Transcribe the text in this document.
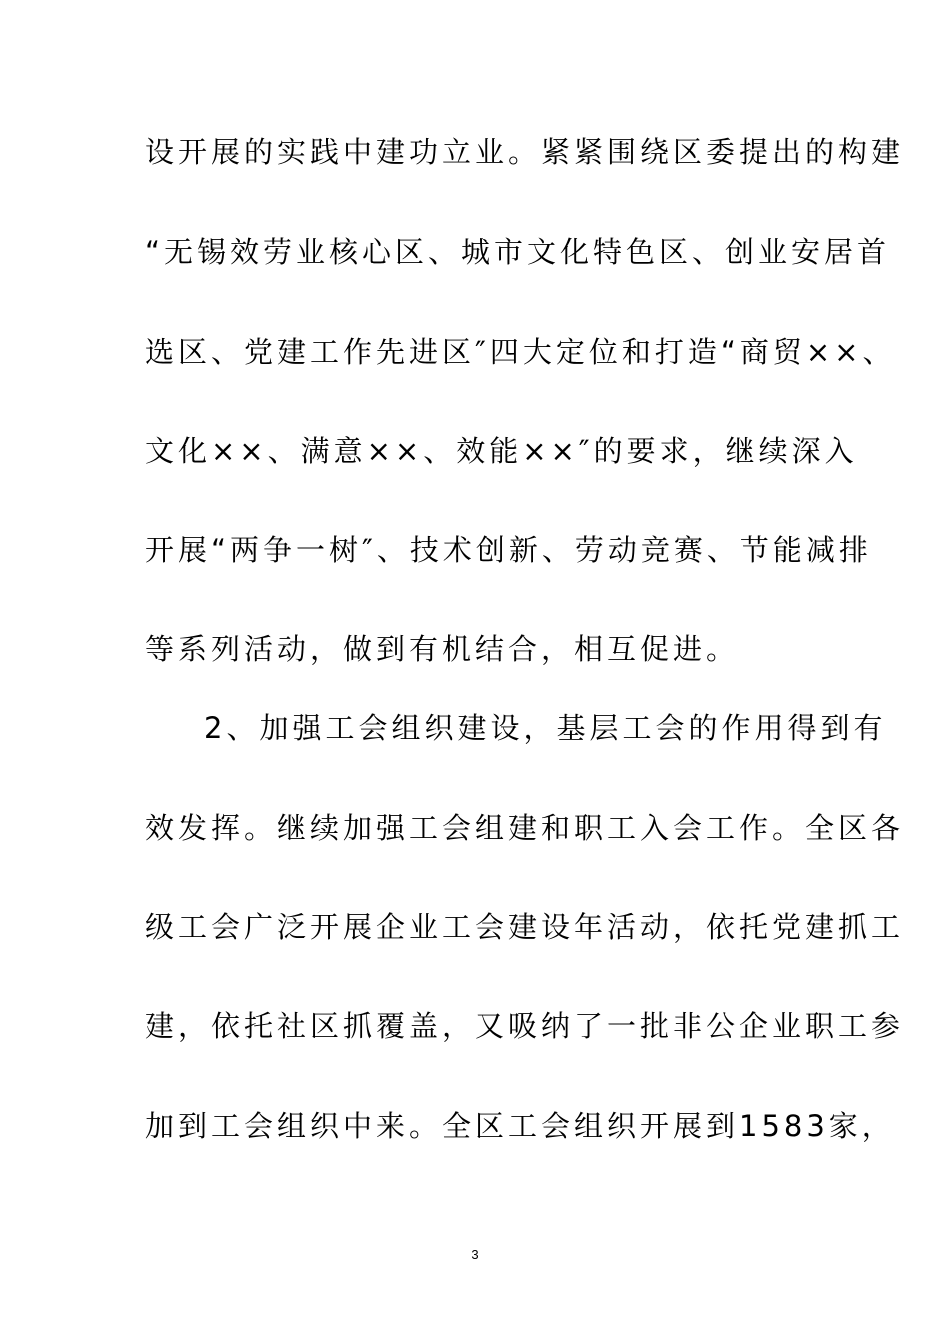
设开展的实践中建功立业。紧紧围绕区委提出的构建
“无锡效劳业核心区、城市文化特色区、创业安居首
选区、党建工作先进区″四大定位和打造“商贸××、
文化××、满意××、效能××″的要求，继续深入
开展“两争一树″、技术创新、劳动竞赛、节能减排
等系列活动，做到有机结合，相互促进。
2、加强工会组织建设，基层工会的作用得到有
效发挥。继续加强工会组建和职工入会工作。全区各
级工会广泛开展企业工会建设年活动，依托党建抓工
建，依托社区抓覆盖，又吸纳了一批非公企业职工参
加到工会组织中来。全区工会组织开展到1583家，
3
